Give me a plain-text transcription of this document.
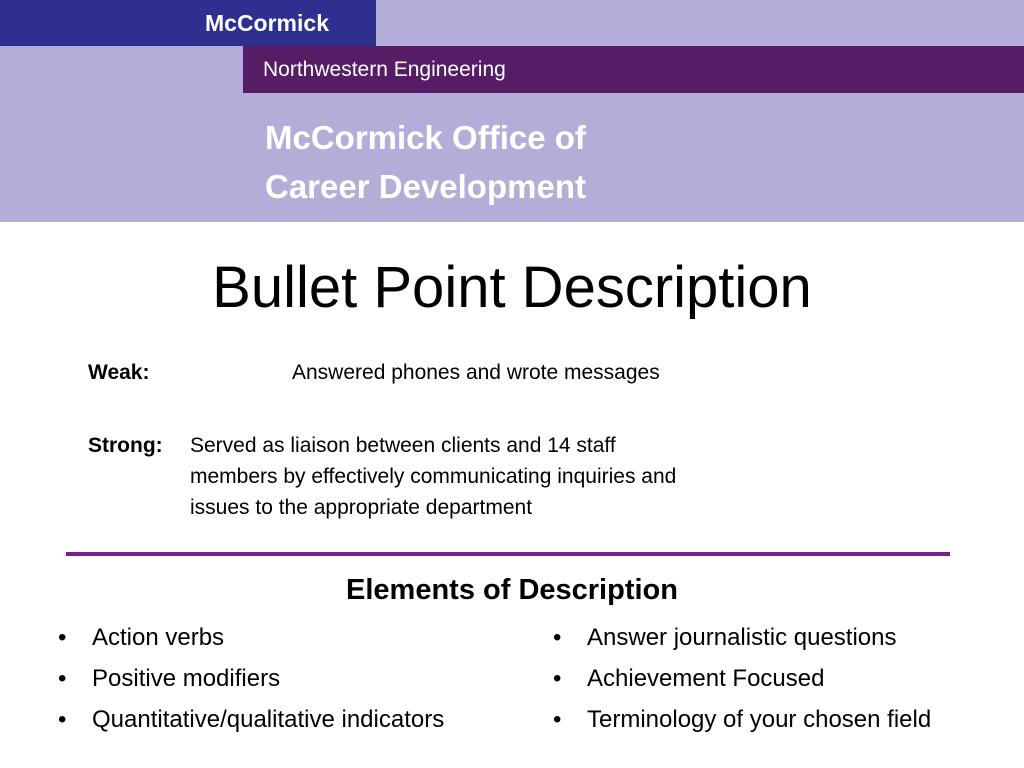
McCormick
Northwestern Engineering
McCormick Office of
Career Development
Bullet Point Description
Weak:	Answered phones and wrote messages
Strong: Served as liaison between clients and 14 staff
members by effectively communicating inquiries and
issues to the appropriate department
Elements of Description
• Action verbs
• Positive modifiers
• Quantitative/qualitative indicators
• Answer journalistic questions
• Achievement Focused
• Terminology of your chosen field
